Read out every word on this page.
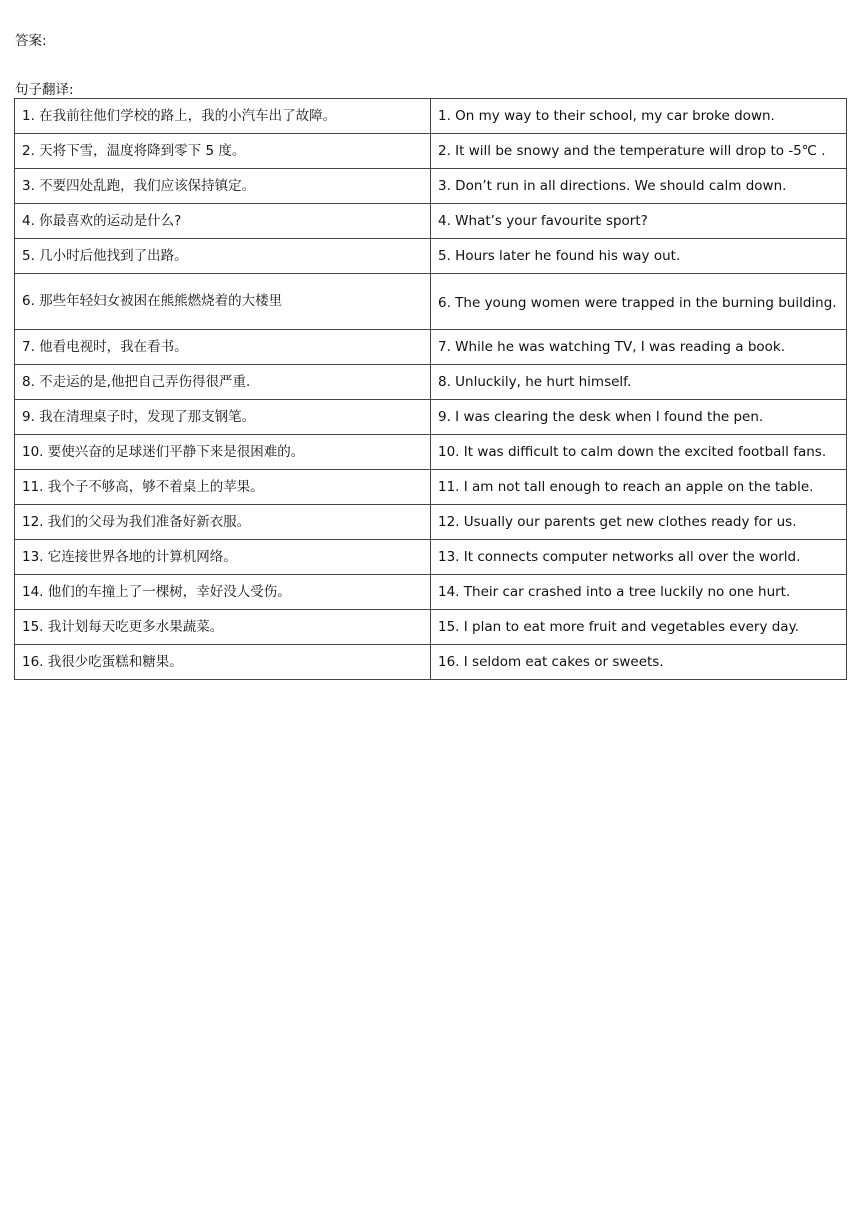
答案:
句子翻译:
1. 在我前往他们学校的路上，我的小汽车出了故障。	1. On my way to their school, my car broke down.
2. 天将下雪，温度将降到零下 5 度。	2. It will be snowy and the temperature will drop to -5℃ .
3. 不要四处乱跑，我们应该保持镇定。	3. Don’t run in all directions. We should calm down.
4. 你最喜欢的运动是什么?	4. What’s your favourite sport?
5. 几小时后他找到了出路。	5. Hours later he found his way out.
6. 那些年轻妇女被困在熊熊燃烧着的大楼里	6. The young women were trapped in the burning building.
7. 他看电视时，我在看书。	7. While he was watching TV, I was reading a book.
8. 不走运的是,他把自己弄伤得很严重.	8. Unluckily, he hurt himself.
9. 我在清理桌子时，发现了那支钢笔。	9. I was clearing the desk when I found the pen.
10. 要使兴奋的足球迷们平静下来是很困难的。	10. It was difficult to calm down the excited football fans.
11. 我个子不够高，够不着桌上的苹果。	11. I am not tall enough to reach an apple on the table.
12. 我们的父母为我们准备好新衣服。	12. Usually our parents get new clothes ready for us.
13. 它连接世界各地的计算机网络。	13. It connects computer networks all over the world.
14. 他们的车撞上了一棵树，幸好没人受伤。	14. Their car crashed into a tree luckily no one hurt.
15. 我计划每天吃更多水果蔬菜。	15. I plan to eat more fruit and vegetables every day.
16. 我很少吃蛋糕和糖果。	16. I seldom eat cakes or sweets.
